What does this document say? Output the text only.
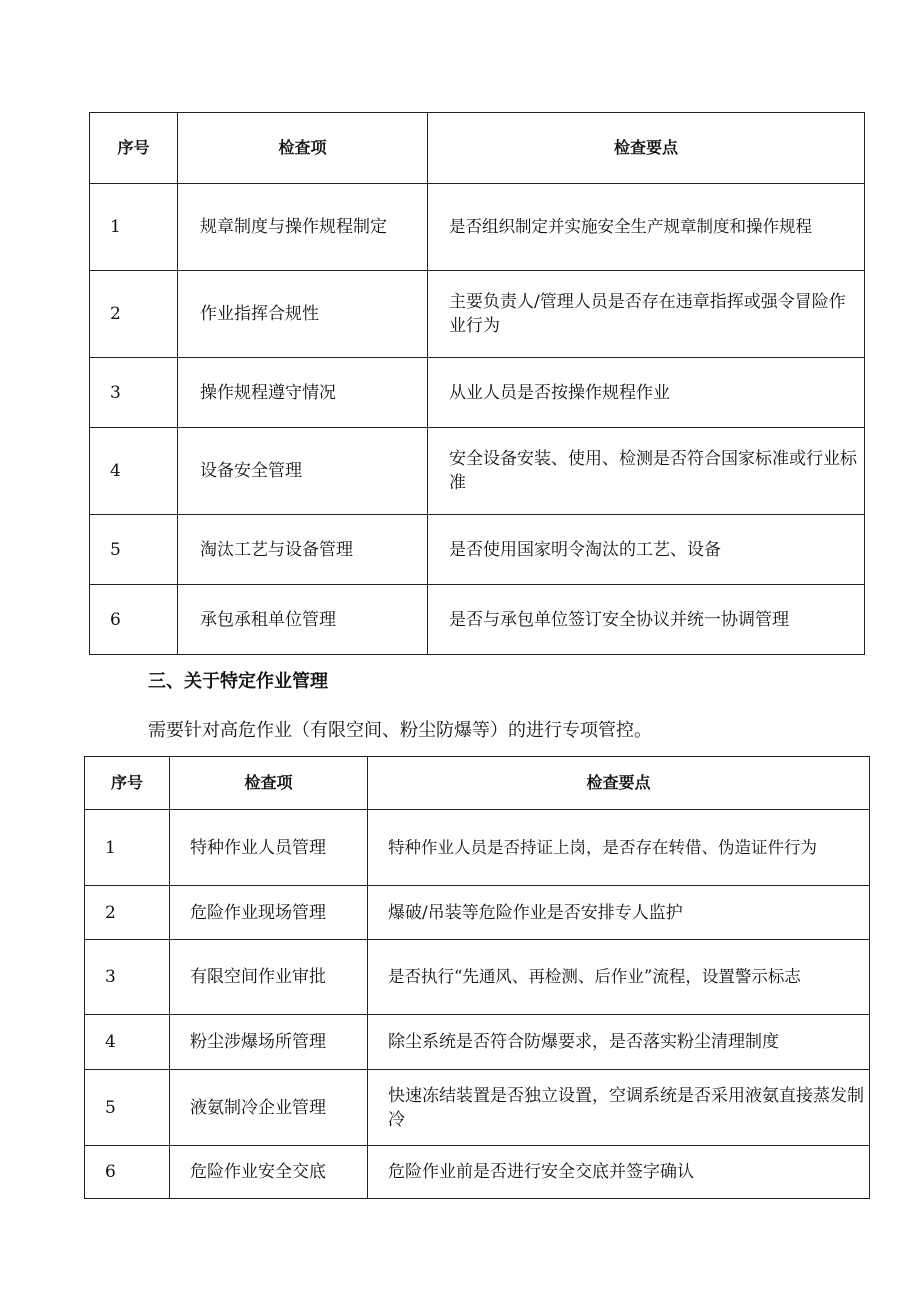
序号	检查项	检查要点
1	规章制度与操作规程制定	是否组织制定并实施安全生产规章制度和操作规程
2	作业指挥合规性	主要负责人/管理人员是否存在违章指挥或强令冒险作业行为
3	操作规程遵守情况	从业人员是否按操作规程作业
4	设备安全管理	安全设备安装、使用、检测是否符合国家标准或行业标准
5	淘汰工艺与设备管理	是否使用国家明令淘汰的工艺、设备
6	承包承租单位管理	是否与承包单位签订安全协议并统一协调管理
三、关于特定作业管理
需要针对高危作业（有限空间、粉尘防爆等）的进行专项管控。
序号	检查项	检查要点
1	特种作业人员管理	特种作业人员是否持证上岗，是否存在转借、伪造证件行为
2	危险作业现场管理	爆破/吊装等危险作业是否安排专人监护
3	有限空间作业审批	是否执行“先通风、再检测、后作业”流程，设置警示标志
4	粉尘涉爆场所管理	除尘系统是否符合防爆要求，是否落实粉尘清理制度
5	液氨制冷企业管理	快速冻结装置是否独立设置，空调系统是否采用液氨直接蒸发制冷
6	危险作业安全交底	危险作业前是否进行安全交底并签字确认
